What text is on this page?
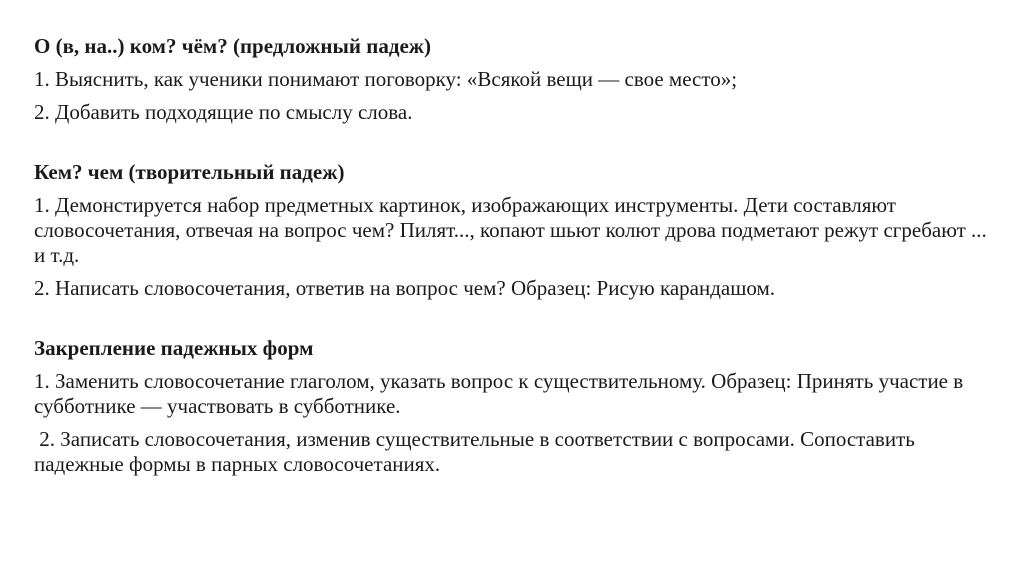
О (в, на..) ком? чём? (предложный падеж)
1. Выяснить, как ученики понимают поговорку: «Всякой вещи — свое место»;
2. Добавить подходящие по смыслу слова.
Кем? чем (творительный падеж)
1. Демонстируется набор предметных картинок, изображающих инструменты. Дети составляют словосочетания, отвечая на вопрос чем? Пилят..., копают шьют колют дрова подметают режут сгребают ... и т.д.
2. Написать словосочетания, ответив на вопрос чем? Образец: Рисую карандашом.
Закрепление падежных форм
1. Заменить словосочетание глаголом, указать вопрос к существительному. Образец: Принять участие в субботнике — участвовать в субботнике.
2. Записать словосочетания, изменив существительные в соответствии с вопросами. Сопоставить падежные формы в парных словосочетаниях.
